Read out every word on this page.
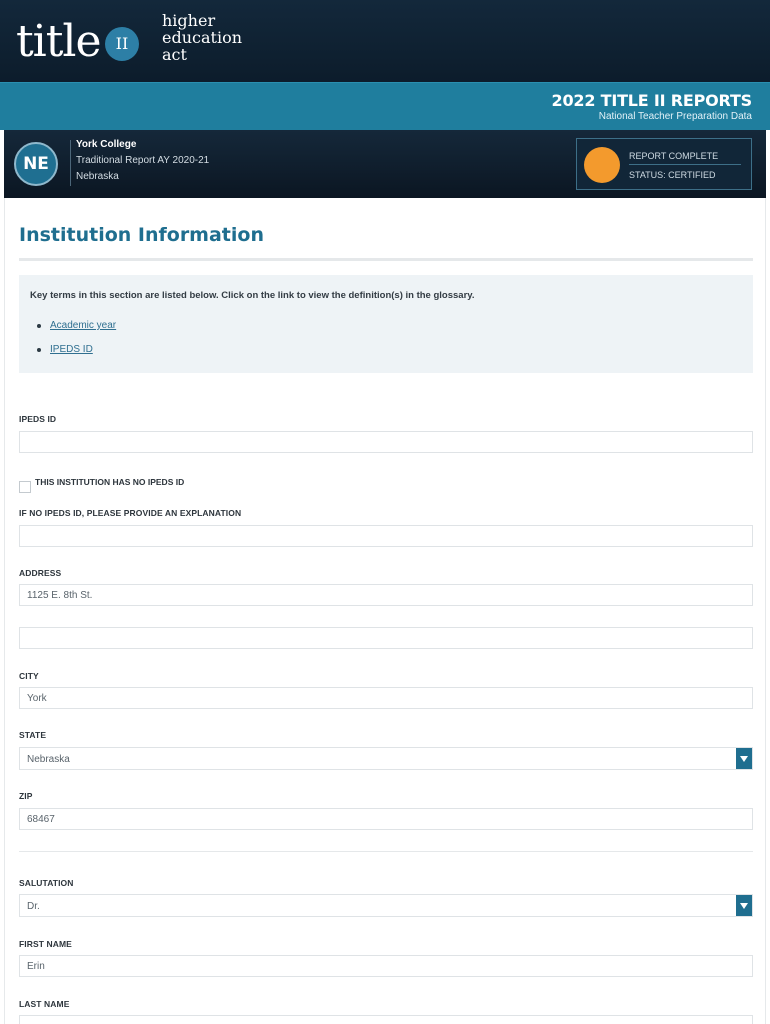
title II
higher
education
act
2022 TITLE II REPORTS
National Teacher Preparation Data
NE
York College
Traditional Report AY 2020-21
Nebraska
REPORT COMPLETE
STATUS: CERTIFIED
Institution Information
Key terms in this section are listed below. Click on the link to view the definition(s) in the glossary.
Academic year
IPEDS ID
IPEDS ID
THIS INSTITUTION HAS NO IPEDS ID
IF NO IPEDS ID, PLEASE PROVIDE AN EXPLANATION
ADDRESS
1125 E. 8th St.
CITY
York
STATE
Nebraska
ZIP
68467
SALUTATION
Dr.
FIRST NAME
Erin
LAST NAME
